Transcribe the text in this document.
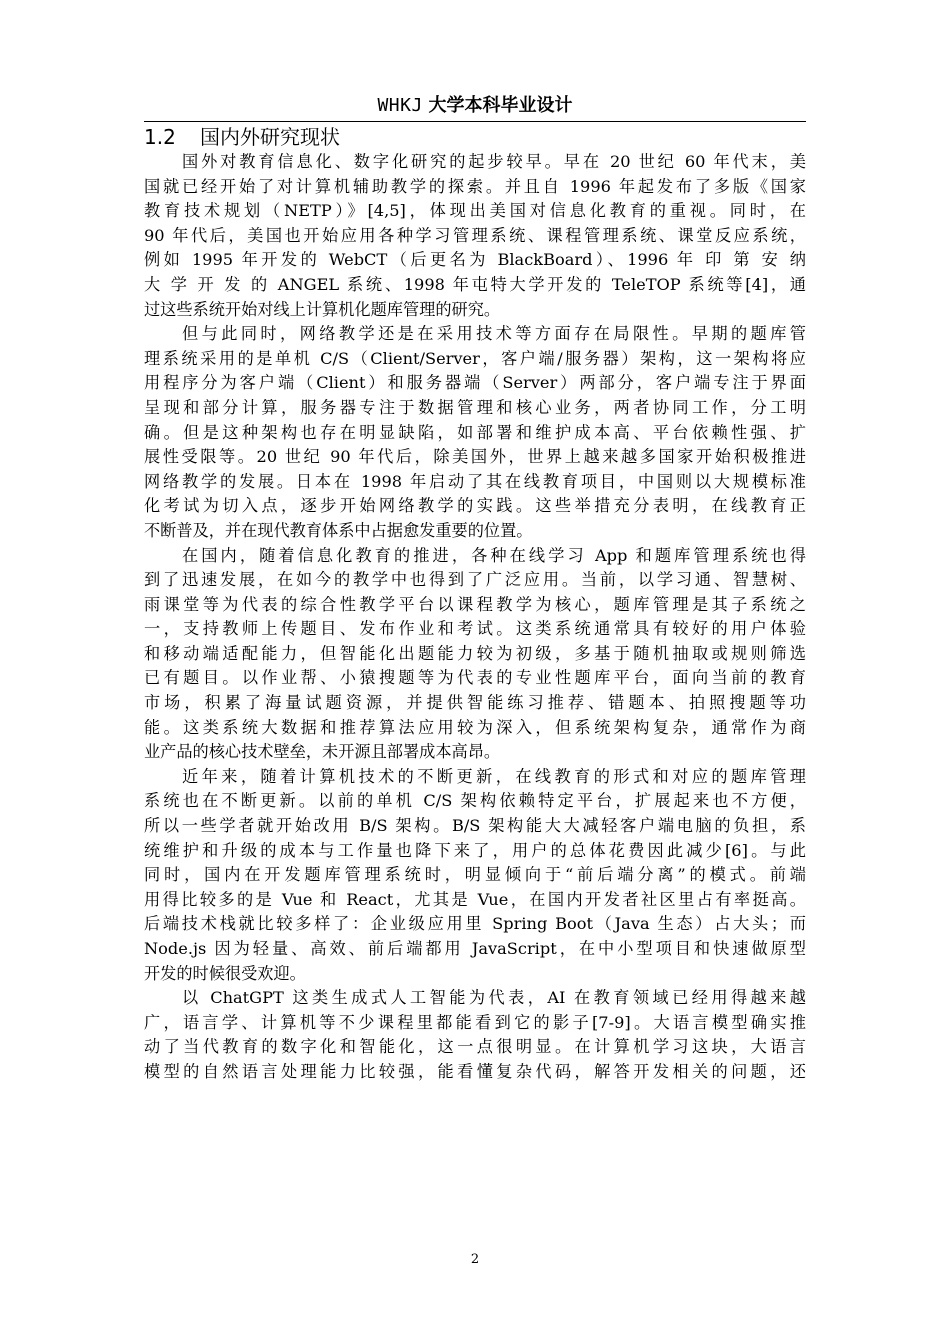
WHKJ 大学本科毕业设计
1.2 国内外研究现状
国外对教育信息化、数字化研究的起步较早。早在 20 世纪 60 年代末，美
国就已经开始了对计算机辅助教学的探索。并且自 1996 年起发布了多版《国家
教育技术规划（NETP）》[4,5]，体现出美国对信息化教育的重视。同时，在
90 年代后，美国也开始应用各种学习管理系统、课程管理系统、课堂反应系统，
例如 1995 年开发的 WebCT（后更名为 BlackBoard）、1996 年 印 第 安 纳
大 学 开 发 的 ANGEL 系统、1998 年屯特大学开发的 TeleTOP 系统等[4]，通
过这些系统开始对线上计算机化题库管理的研究。
但与此同时，网络教学还是在采用技术等方面存在局限性。早期的题库管
理系统采用的是单机 C/S（Client/Server，客户端/服务器）架构，这一架构将应
用程序分为客户端（Client）和服务器端（Server）两部分，客户端专注于界面
呈现和部分计算，服务器专注于数据管理和核心业务，两者协同工作，分工明
确。但是这种架构也存在明显缺陷，如部署和维护成本高、平台依赖性强、扩
展性受限等。20 世纪 90 年代后，除美国外，世界上越来越多国家开始积极推进
网络教学的发展。日本在 1998 年启动了其在线教育项目，中国则以大规模标准
化考试为切入点，逐步开始网络教学的实践。这些举措充分表明，在线教育正
不断普及，并在现代教育体系中占据愈发重要的位置。
在国内，随着信息化教育的推进，各种在线学习 App 和题库管理系统也得
到了迅速发展，在如今的教学中也得到了广泛应用。当前，以学习通、智慧树、
雨课堂等为代表的综合性教学平台以课程教学为核心，题库管理是其子系统之
一，支持教师上传题目、发布作业和考试。这类系统通常具有较好的用户体验
和移动端适配能力，但智能化出题能力较为初级，多基于随机抽取或规则筛选
已有题目。以作业帮、小猿搜题等为代表的专业性题库平台，面向当前的教育
市场，积累了海量试题资源，并提供智能练习推荐、错题本、拍照搜题等功
能。这类系统大数据和推荐算法应用较为深入，但系统架构复杂，通常作为商
业产品的核心技术壁垒，未开源且部署成本高昂。
近年来，随着计算机技术的不断更新，在线教育的形式和对应的题库管理
系统也在不断更新。以前的单机 C/S 架构依赖特定平台，扩展起来也不方便，
所以一些学者就开始改用 B/S 架构。B/S 架构能大大减轻客户端电脑的负担，系
统维护和升级的成本与工作量也降下来了，用户的总体花费因此减少[6]。与此
同时，国内在开发题库管理系统时，明显倾向于“前后端分离”的模式。前端
用得比较多的是 Vue 和 React，尤其是 Vue，在国内开发者社区里占有率挺高。
后端技术栈就比较多样了：企业级应用里 Spring Boot（Java 生态）占大头；而
Node.js 因为轻量、高效、前后端都用 JavaScript，在中小型项目和快速做原型
开发的时候很受欢迎。
以 ChatGPT 这类生成式人工智能为代表，AI 在教育领域已经用得越来越
广，语言学、计算机等不少课程里都能看到它的影子[7-9]。大语言模型确实推
动了当代教育的数字化和智能化，这一点很明显。在计算机学习这块，大语言
模型的自然语言处理能力比较强，能看懂复杂代码，解答开发相关的问题，还
2
